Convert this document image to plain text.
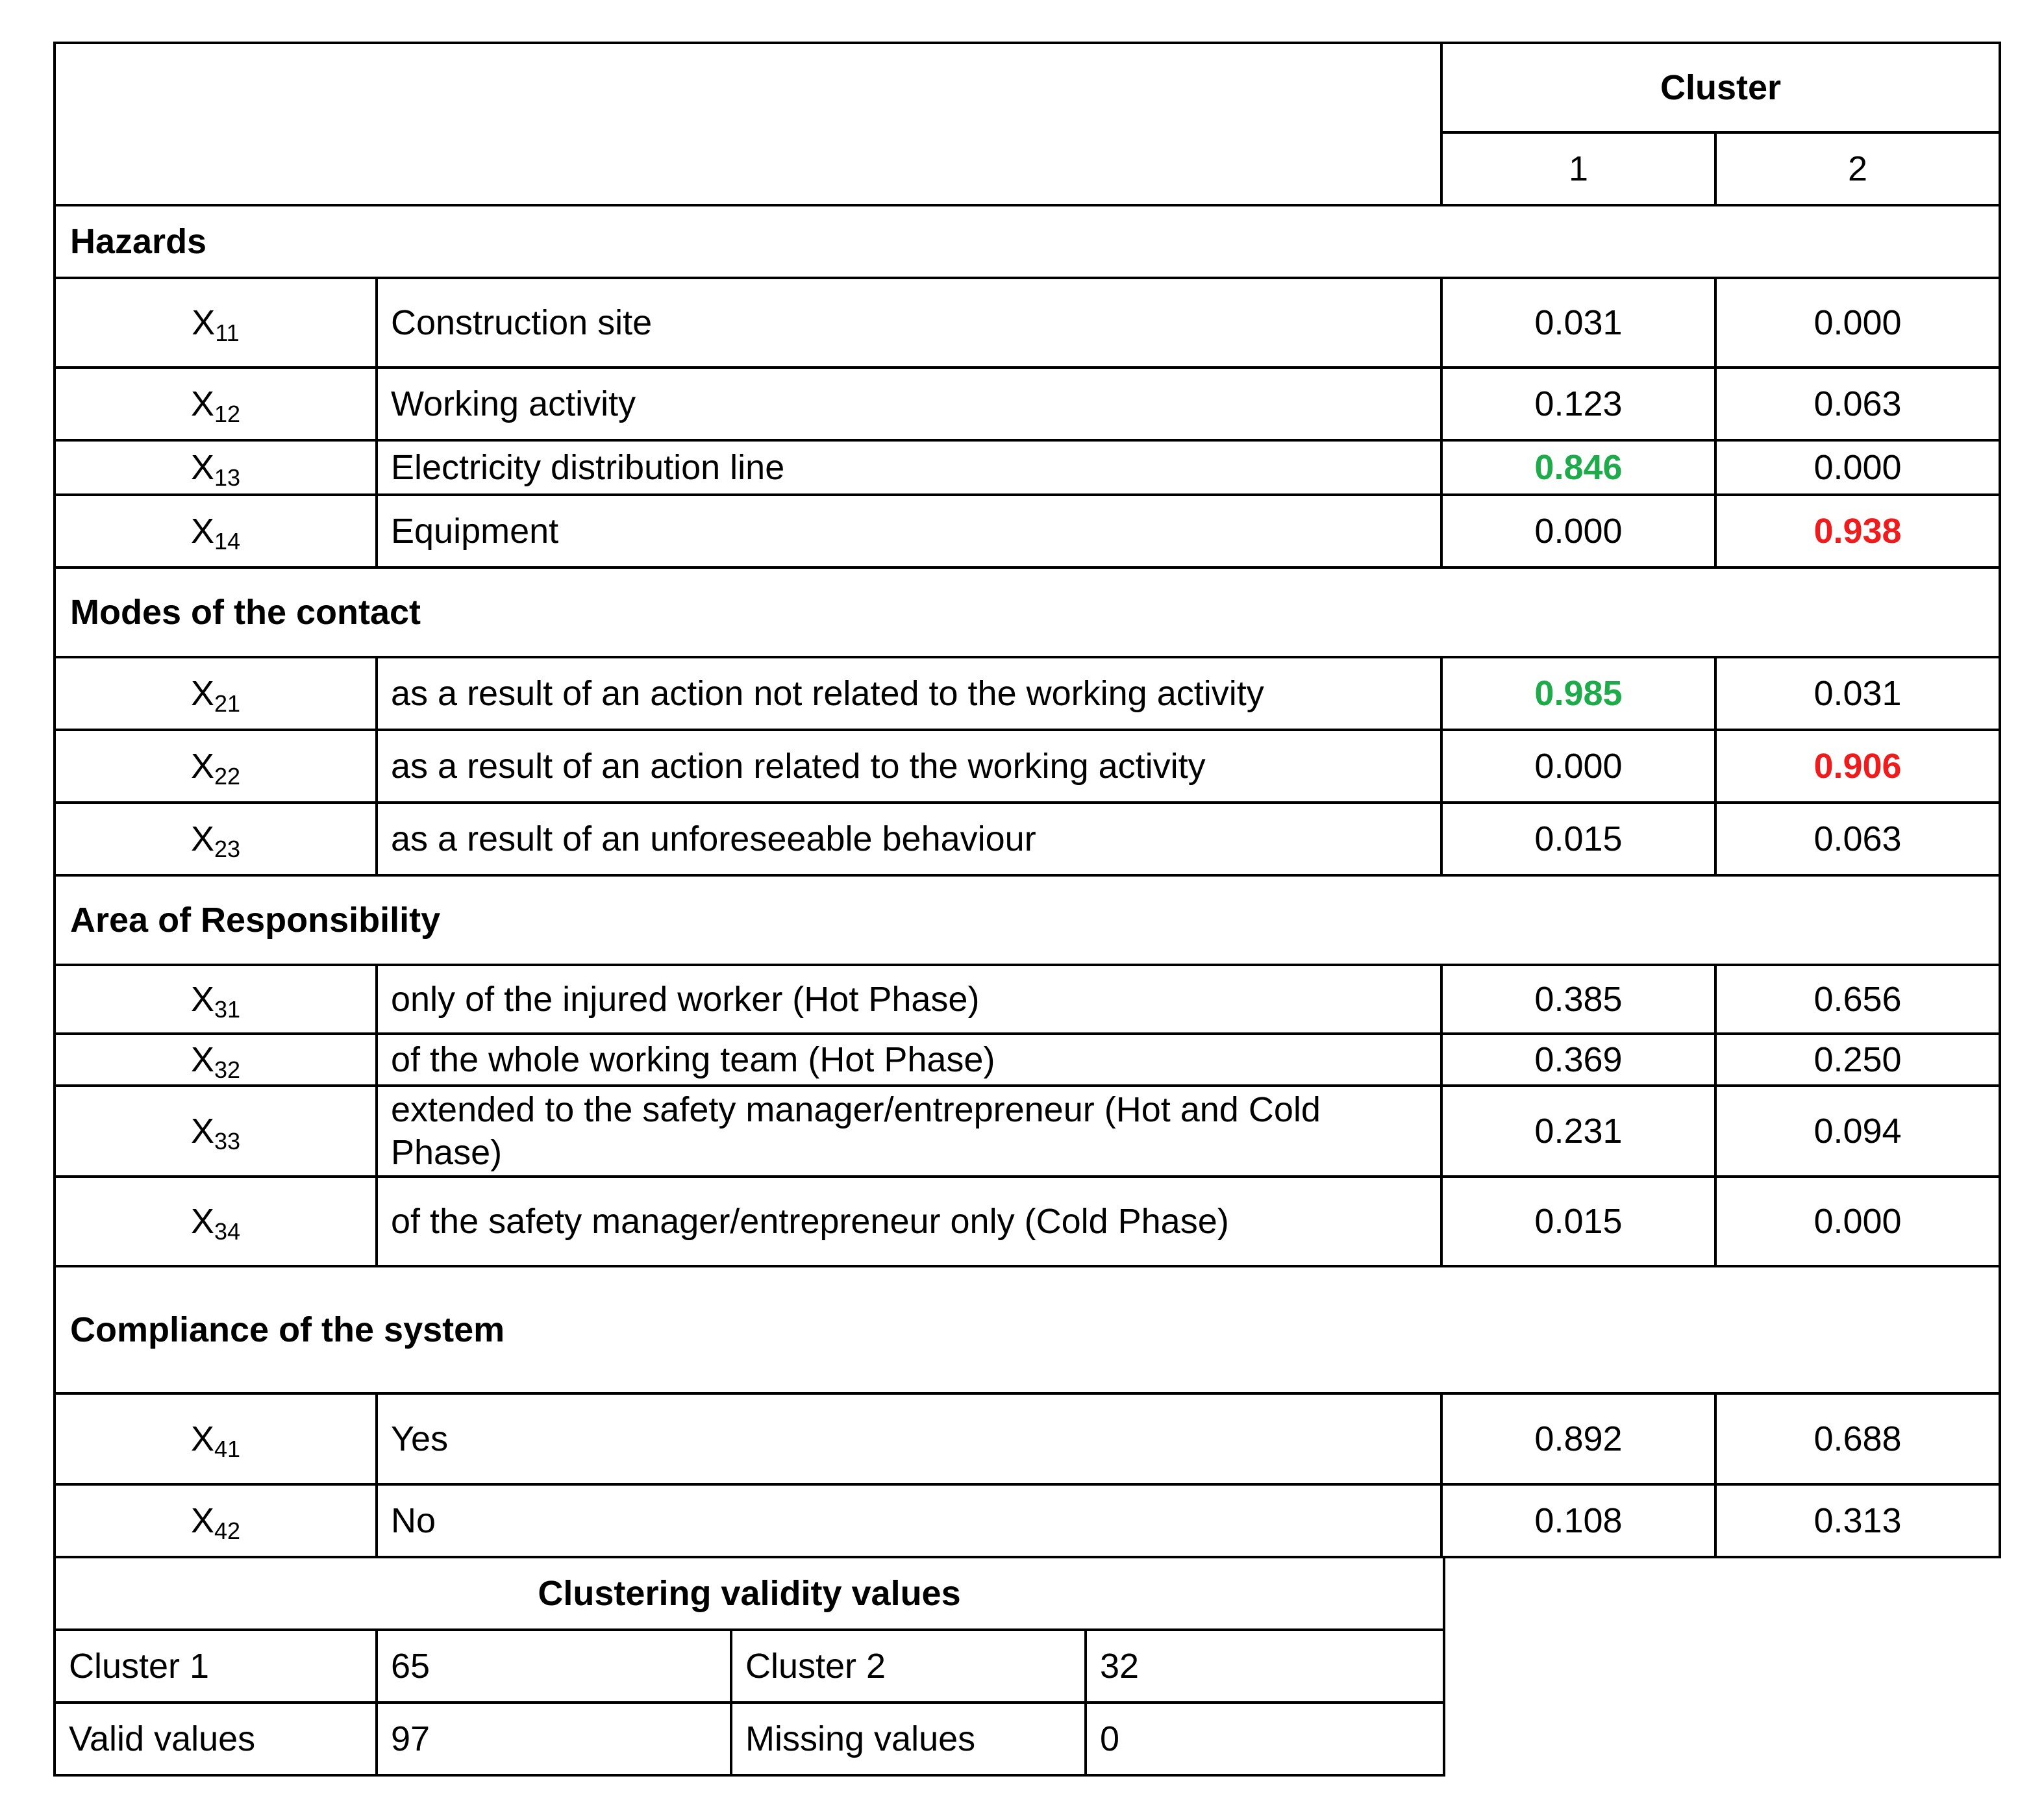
		Cluster	
		1	2
Hazards			
$X_{11}$	Construction site	0.031	0.000
$X_{12}$	Working activity	0.123	0.063
$X_{13}$	Electricity distribution line	0.846	0.000
$X_{14}$	Equipment	0.000	0.938
Modes of the contact			
$X_{21}$	as a result of an action not related to the working activity	0.985	0.031
$X_{22}$	as a result of an action related to the working activity	0.000	0.906
$X_{23}$	as a result of an unforeseeable behaviour	0.015	0.063
Area of Responsibility			
$X_{31}$	only of the injured worker (Hot Phase)	0.385	0.656
$X_{32}$	of the whole working team (Hot Phase)	0.369	0.250
$X_{33}$	extended to the safety manager/entrepreneur (Hot and Cold Phase)	0.231	0.094
$X_{34}$	of the safety manager/entrepreneur only (Cold Phase)	0.015	0.000
Compliance of the system			
$X_{41}$	Yes	0.892	0.688
$X_{42}$	No	0.108	0.313
Clustering validity values			
Cluster 1	65	Cluster 2	32
Valid values	97	Missing values	0
